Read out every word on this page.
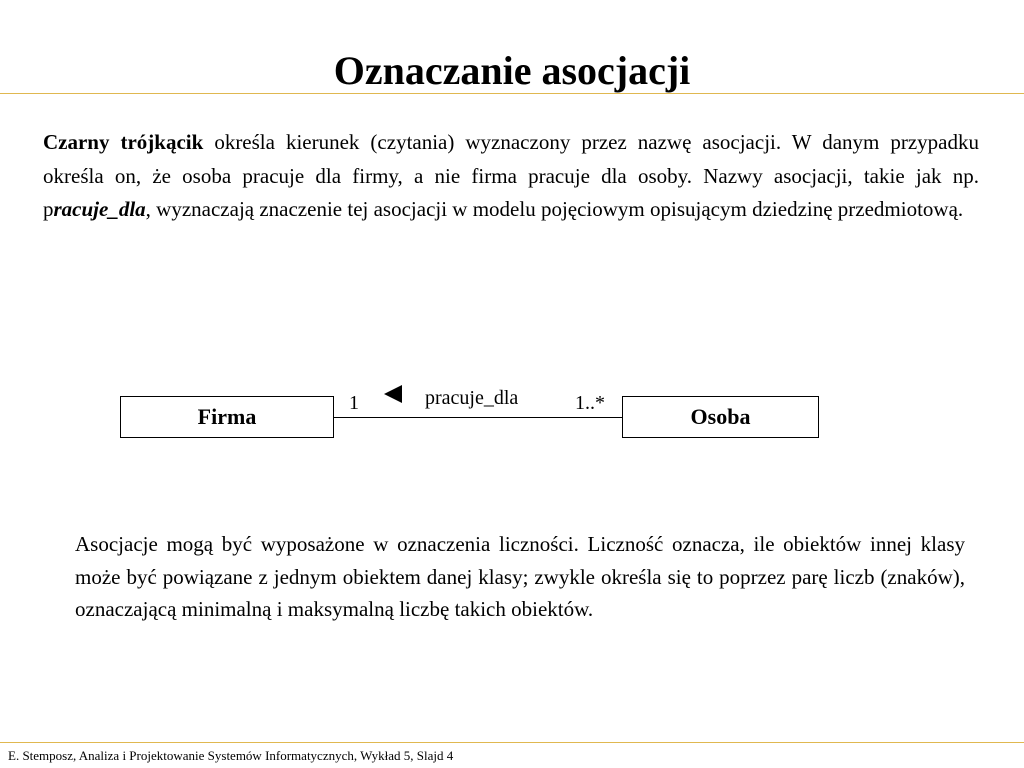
Oznaczanie asocjacji

Czarny trójkącik określa kierunek (czytania) wyznaczony przez nazwę asocjacji. W danym przypadku określa on, że osoba pracuje dla firmy, a nie firma pracuje dla osoby. Nazwy asocjacji, takie jak np. pracuje_dla, wyznaczają znaczenie tej asocjacji w modelu pojęciowym opisującym dziedzinę przedmiotową.

Firma	Osoba
1	pracuje_dla	1..*

Asocjacje mogą być wyposażone w oznaczenia liczności. Liczność oznacza, ile obiektów innej klasy może być powiązane z jednym obiektem danej klasy; zwykle określa się to poprzez parę liczb (znaków), oznaczającą minimalną i maksymalną liczbę takich obiektów.

E. Stemposz, Analiza i Projektowanie Systemów Informatycznych, Wykład 5, Slajd 4
